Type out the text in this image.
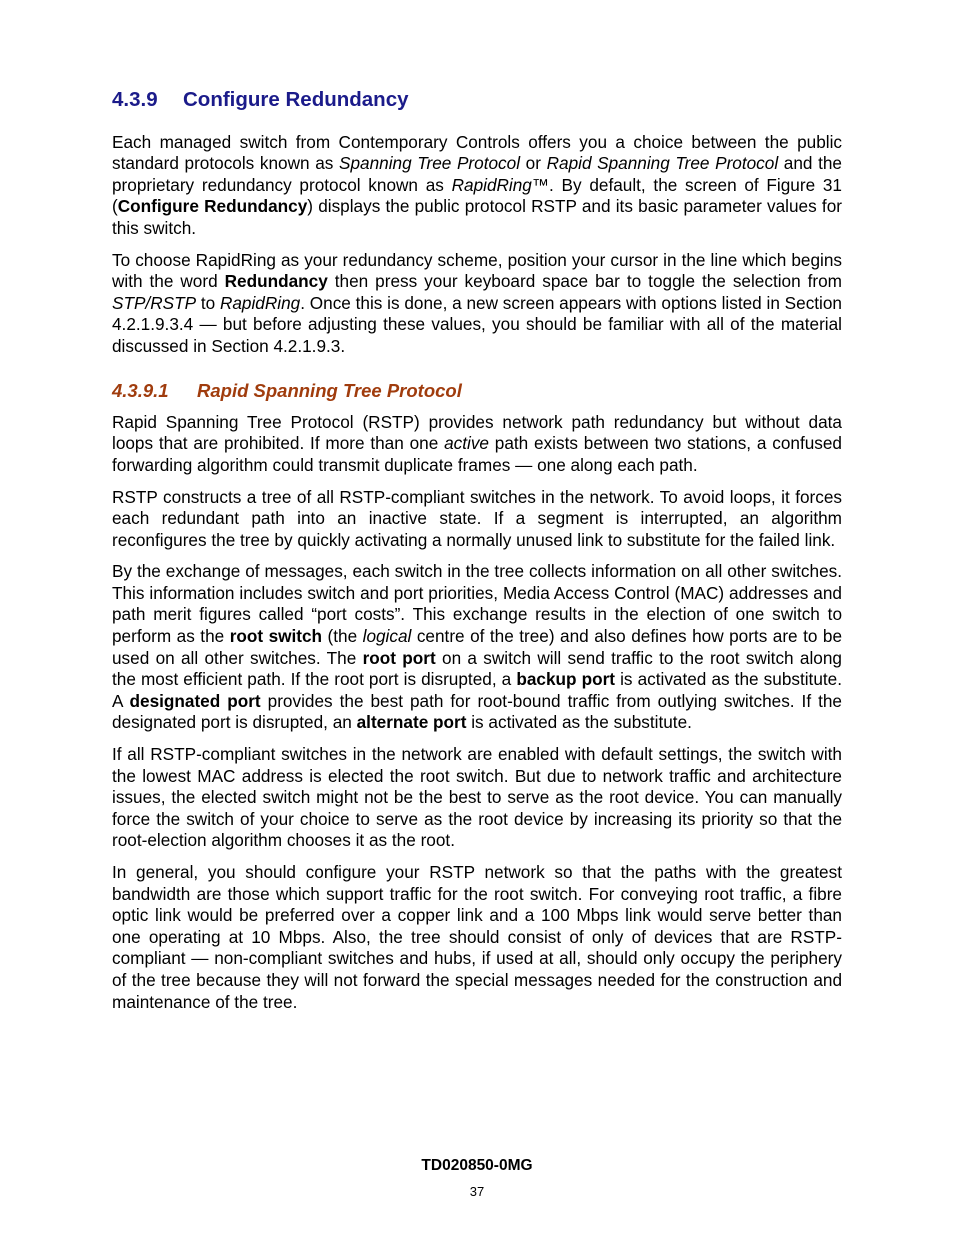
4.3.9 Configure Redundancy

Each managed switch from Contemporary Controls offers you a choice between the public standard protocols known as Spanning Tree Protocol or Rapid Spanning Tree Protocol and the proprietary redundancy protocol known as RapidRing™. By default, the screen of Figure 31 (Configure Redundancy) displays the public protocol RSTP and its basic parameter values for this switch.

To choose RapidRing as your redundancy scheme, position your cursor in the line which begins with the word Redundancy then press your keyboard space bar to toggle the selection from STP/RSTP to RapidRing. Once this is done, a new screen appears with options listed in Section 4.2.1.9.3.4 — but before adjusting these values, you should be familiar with all of the material discussed in Section 4.2.1.9.3.

4.3.9.1 Rapid Spanning Tree Protocol

Rapid Spanning Tree Protocol (RSTP) provides network path redundancy but without data loops that are prohibited. If more than one active path exists between two stations, a confused forwarding algorithm could transmit duplicate frames — one along each path.

RSTP constructs a tree of all RSTP-compliant switches in the network. To avoid loops, it forces each redundant path into an inactive state. If a segment is interrupted, an algorithm reconfigures the tree by quickly activating a normally unused link to substitute for the failed link.

By the exchange of messages, each switch in the tree collects information on all other switches. This information includes switch and port priorities, Media Access Control (MAC) addresses and path merit figures called “port costs”. This exchange results in the election of one switch to perform as the root switch (the logical centre of the tree) and also defines how ports are to be used on all other switches. The root port on a switch will send traffic to the root switch along the most efficient path. If the root port is disrupted, a backup port is activated as the substitute. A designated port provides the best path for root-bound traffic from outlying switches. If the designated port is disrupted, an alternate port is activated as the substitute.

If all RSTP-compliant switches in the network are enabled with default settings, the switch with the lowest MAC address is elected the root switch. But due to network traffic and architecture issues, the elected switch might not be the best to serve as the root device. You can manually force the switch of your choice to serve as the root device by increasing its priority so that the root-election algorithm chooses it as the root.

In general, you should configure your RSTP network so that the paths with the greatest bandwidth are those which support traffic for the root switch. For conveying root traffic, a fibre optic link would be preferred over a copper link and a 100 Mbps link would serve better than one operating at 10 Mbps. Also, the tree should consist of only of devices that are RSTP-compliant — non-compliant switches and hubs, if used at all, should only occupy the periphery of the tree because they will not forward the special messages needed for the construction and maintenance of the tree.

TD020850-0MG
37
